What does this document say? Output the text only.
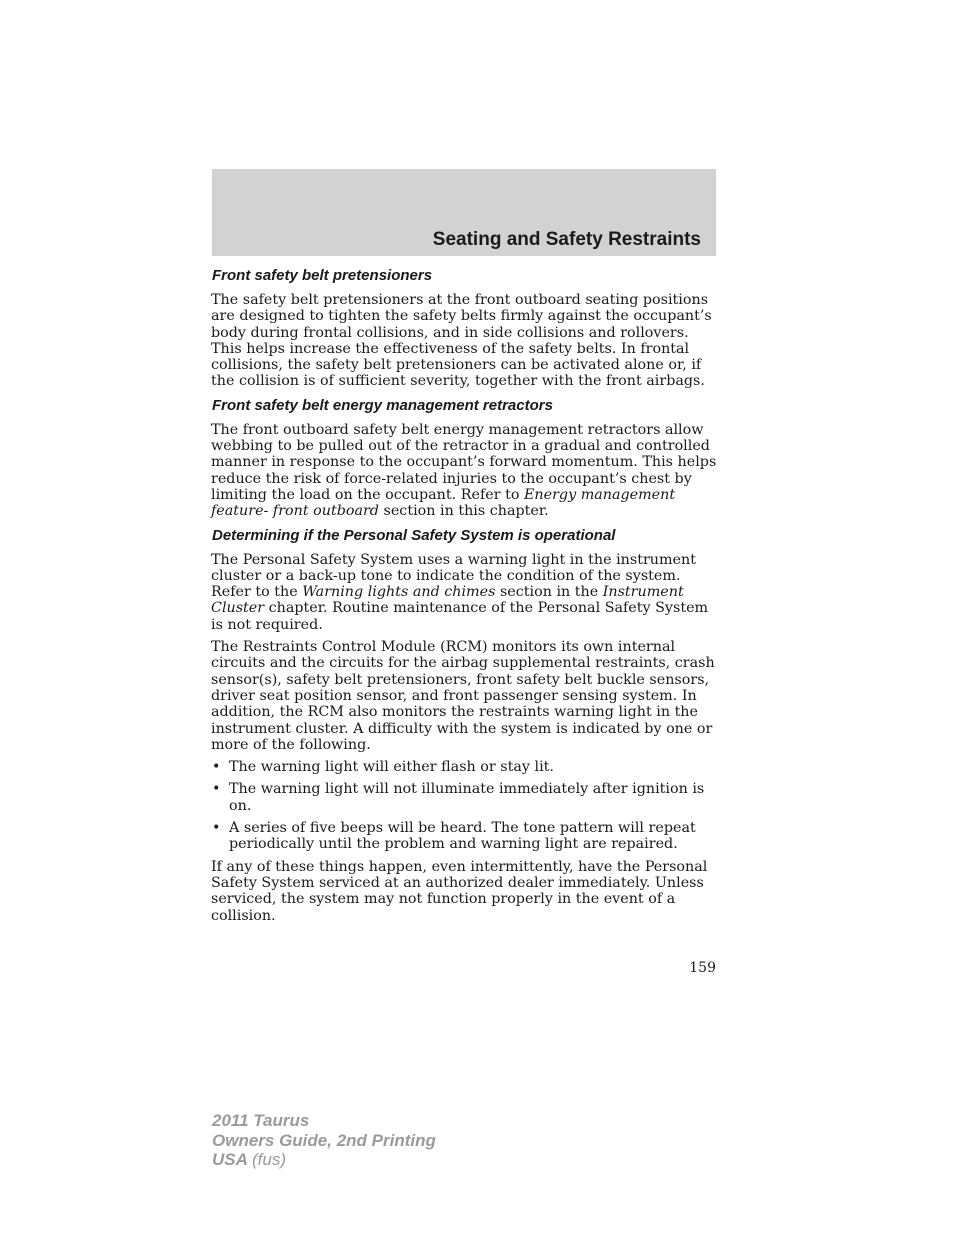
Seating and Safety Restraints
Front safety belt pretensioners

The safety belt pretensioners at the front outboard seating positions are designed to tighten the safety belts firmly against the occupant’s body during frontal collisions, and in side collisions and rollovers. This helps increase the effectiveness of the safety belts. In frontal collisions, the safety belt pretensioners can be activated alone or, if the collision is of sufficient severity, together with the front airbags.

Front safety belt energy management retractors

The front outboard safety belt energy management retractors allow webbing to be pulled out of the retractor in a gradual and controlled manner in response to the occupant’s forward momentum. This helps reduce the risk of force-related injuries to the occupant’s chest by limiting the load on the occupant. Refer to Energy management feature- front outboard section in this chapter.

Determining if the Personal Safety System is operational

The Personal Safety System uses a warning light in the instrument cluster or a back-up tone to indicate the condition of the system. Refer to the Warning lights and chimes section in the Instrument Cluster chapter. Routine maintenance of the Personal Safety System is not required.

The Restraints Control Module (RCM) monitors its own internal circuits and the circuits for the airbag supplemental restraints, crash sensor(s), safety belt pretensioners, front safety belt buckle sensors, driver seat position sensor, and front passenger sensing system. In addition, the RCM also monitors the restraints warning light in the instrument cluster. A difficulty with the system is indicated by one or more of the following.

• The warning light will either flash or stay lit.
• The warning light will not illuminate immediately after ignition is on.
• A series of five beeps will be heard. The tone pattern will repeat periodically until the problem and warning light are repaired.

If any of these things happen, even intermittently, have the Personal Safety System serviced at an authorized dealer immediately. Unless serviced, the system may not function properly in the event of a collision.

159
2011 Taurus
Owners Guide, 2nd Printing
USA (fus)
